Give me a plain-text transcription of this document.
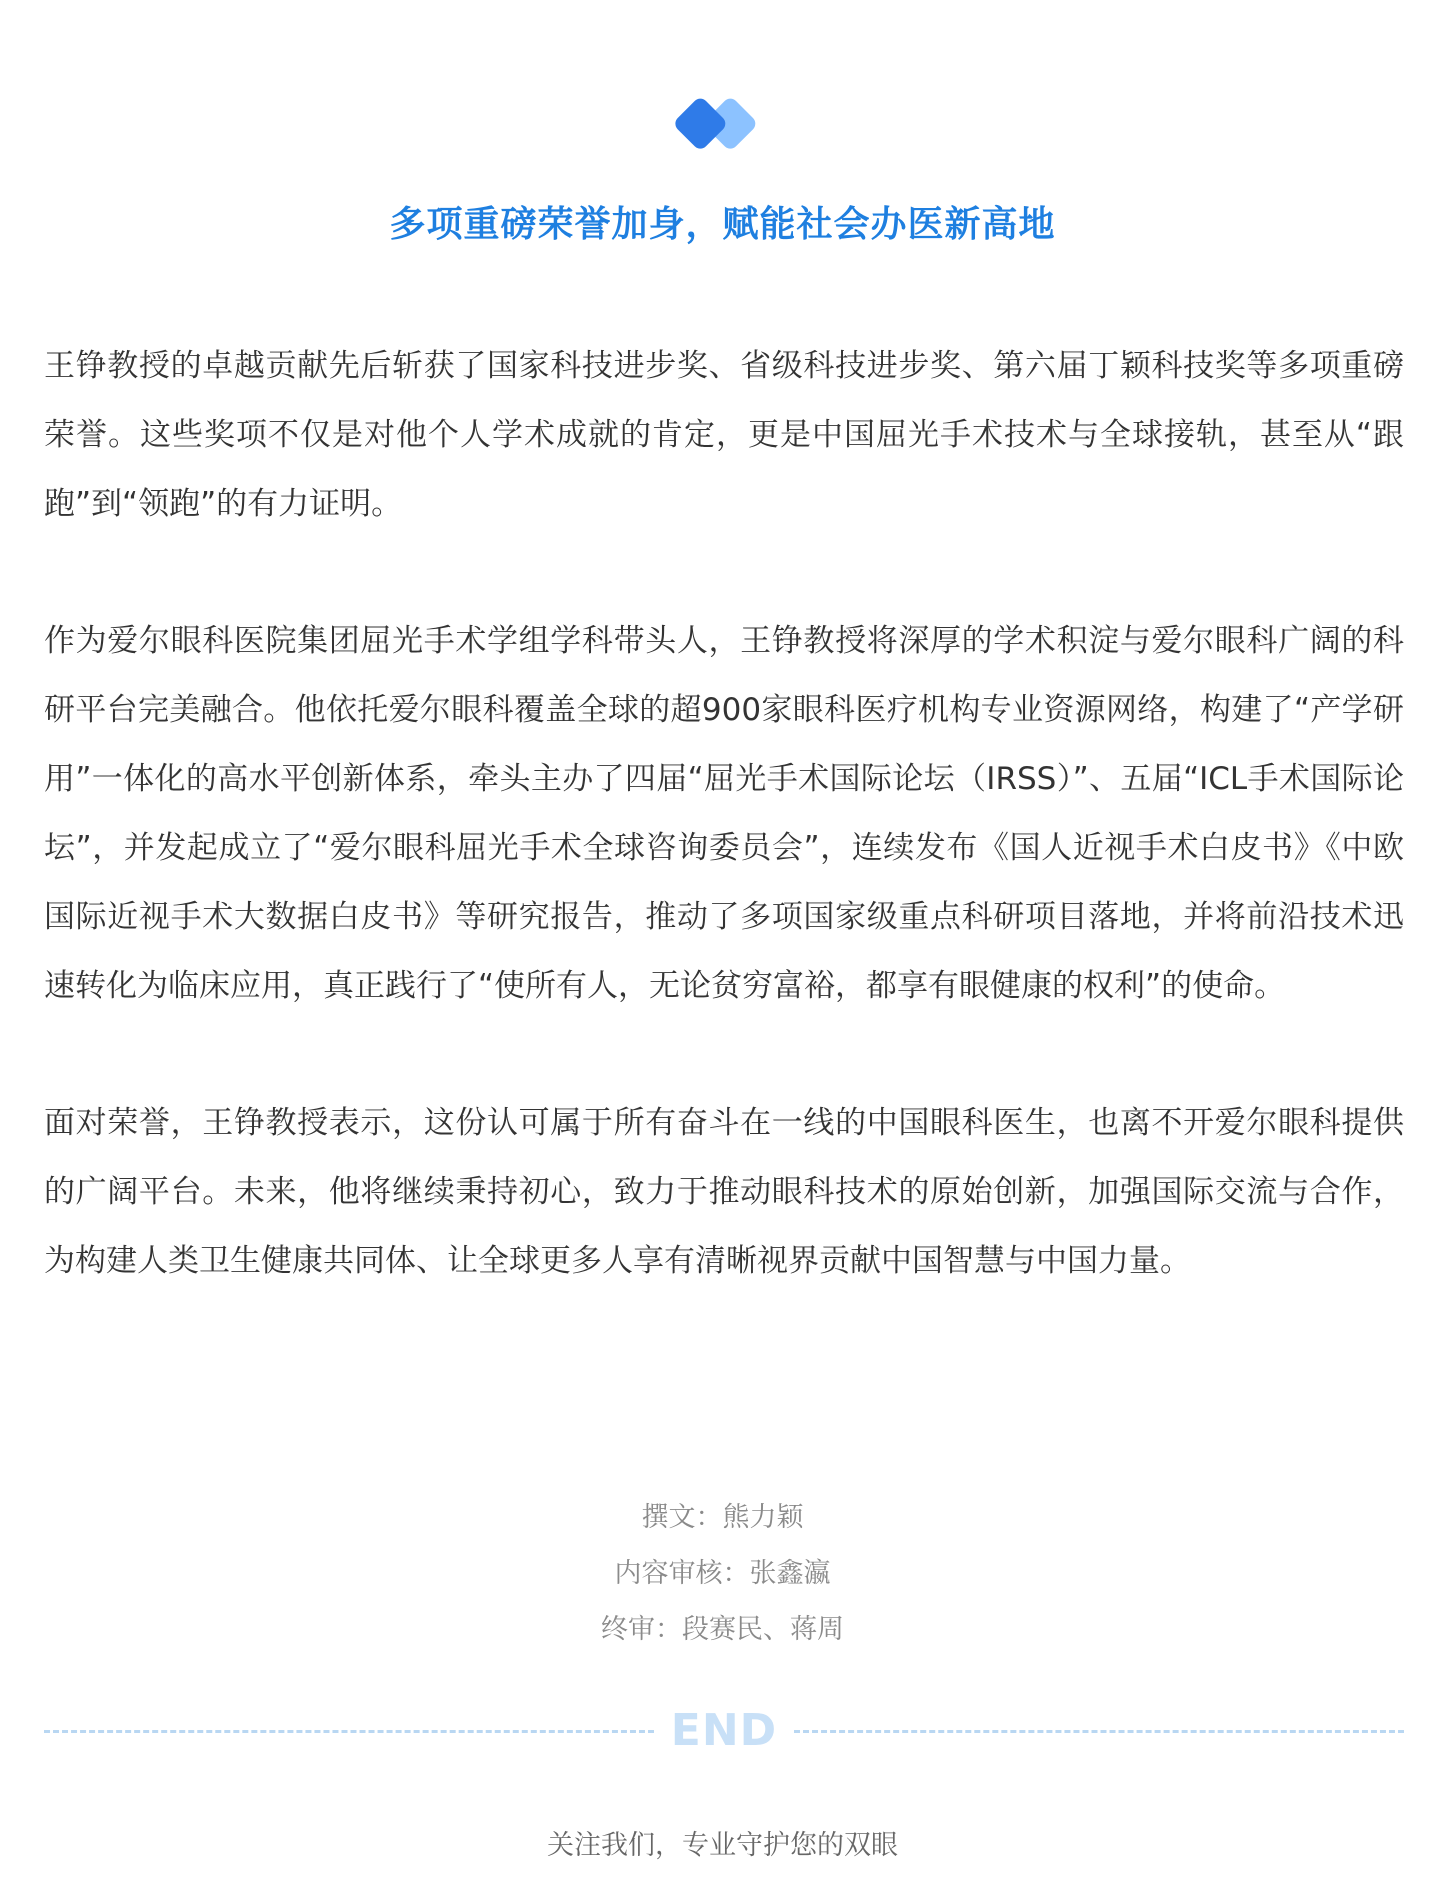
多项重磅荣誉加身，赋能社会办医新高地

王铮教授的卓越贡献先后斩获了国家科技进步奖、省级科技进步奖、第六届丁颖科技奖等多项重磅荣誉。这些奖项不仅是对他个人学术成就的肯定，更是中国屈光手术技术与全球接轨，甚至从“跟跑”到“领跑”的有力证明。

作为爱尔眼科医院集团屈光手术学组学科带头人，王铮教授将深厚的学术积淀与爱尔眼科广阔的科研平台完美融合。他依托爱尔眼科覆盖全球的超900家眼科医疗机构专业资源网络，构建了“产学研用”一体化的高水平创新体系，牵头主办了四届“屈光手术国际论坛（IRSS）”、五届“ICL手术国际论坛”，并发起成立了“爱尔眼科屈光手术全球咨询委员会”，连续发布《国人近视手术白皮书》《中欧国际近视手术大数据白皮书》等研究报告，推动了多项国家级重点科研项目落地，并将前沿技术迅速转化为临床应用，真正践行了“使所有人，无论贫穷富裕，都享有眼健康的权利”的使命。

面对荣誉，王铮教授表示，这份认可属于所有奋斗在一线的中国眼科医生，也离不开爱尔眼科提供的广阔平台。未来，他将继续秉持初心，致力于推动眼科技术的原始创新，加强国际交流与合作，为构建人类卫生健康共同体、让全球更多人享有清晰视界贡献中国智慧与中国力量。

撰文：熊力颖
内容审核：张鑫瀛
终审：段赛民、蒋周
END
关注我们，专业守护您的双眼
